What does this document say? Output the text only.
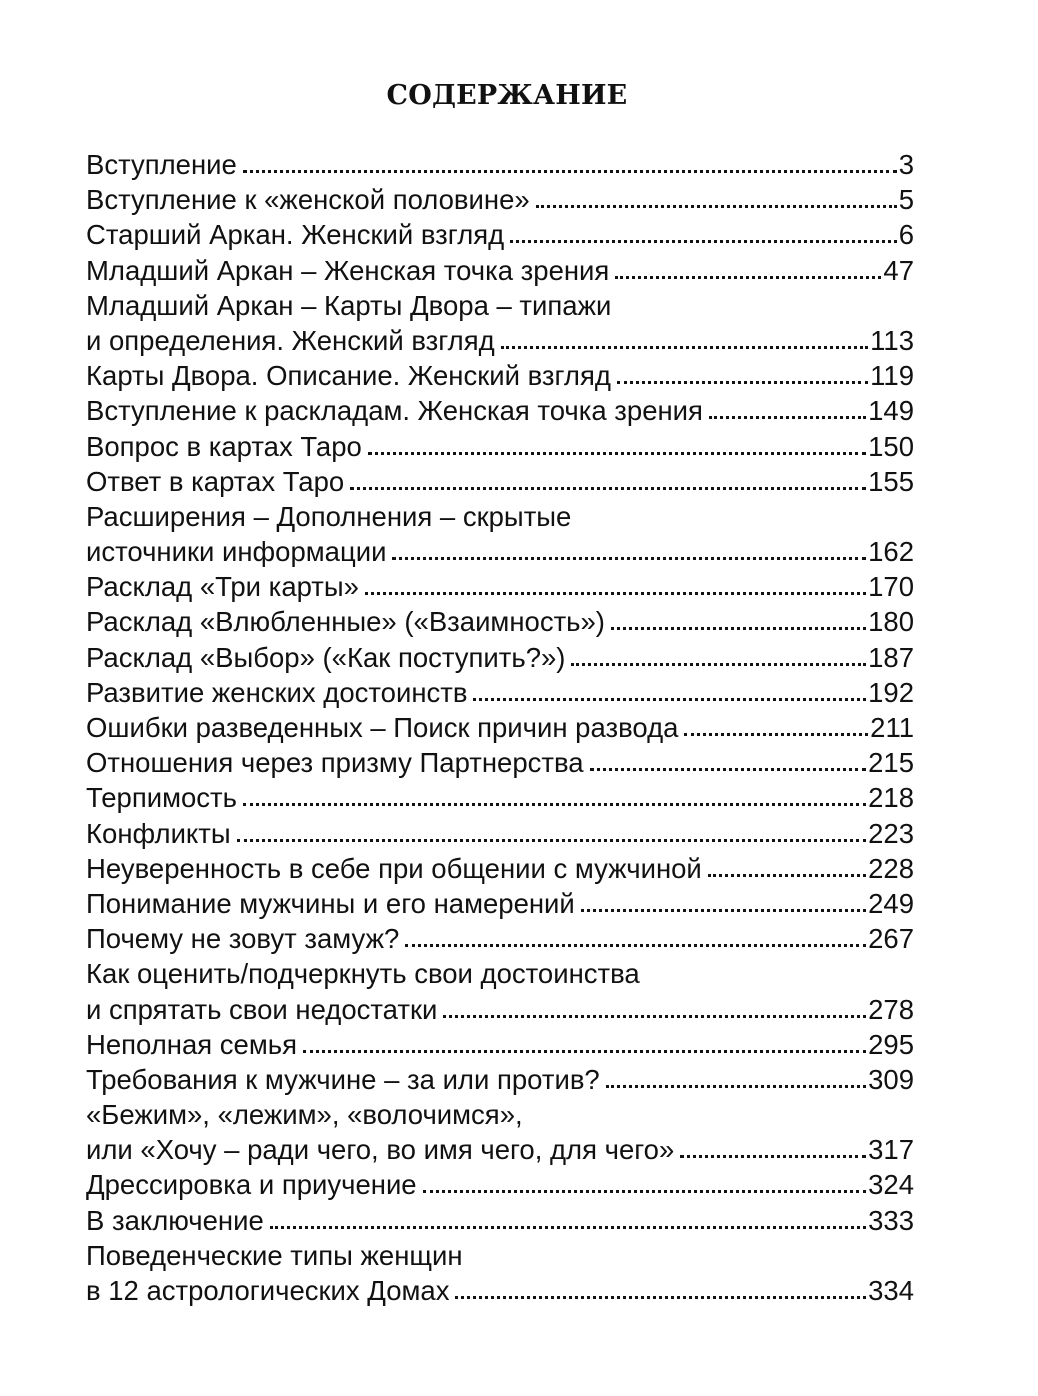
СОДЕРЖАНИЕ
Вступление	3
Вступление к «женской половине»	5
Старший Аркан. Женский взгляд	6
Младший Аркан – Женская точка зрения	47
Младший Аркан – Карты Двора – типажи
и определения. Женский взгляд	113
Карты Двора. Описание. Женский взгляд	119
Вступление к раскладам. Женская точка зрения	149
Вопрос в картах Таро	150
Ответ в картах Таро	155
Расширения – Дополнения – скрытые
источники информации	162
Расклад «Три карты»	170
Расклад «Влюбленные» («Взаимность»)	180
Расклад «Выбор» («Как поступить?»)	187
Развитие женских достоинств	192
Ошибки разведенных – Поиск причин развода	211
Отношения через призму Партнерства	215
Терпимость	218
Конфликты	223
Неуверенность в себе при общении с мужчиной	228
Понимание мужчины и его намерений	249
Почему не зовут замуж?	267
Как оценить/подчеркнуть свои достоинства
и спрятать свои недостатки	278
Неполная семья	295
Требования к мужчине – за или против?	309
«Бежим», «лежим», «волочимся»,
или «Хочу – ради чего, во имя чего, для чего»	317
Дрессировка и приучение	324
В заключение	333
Поведенческие типы женщин
в 12 астрологических Домах	334
